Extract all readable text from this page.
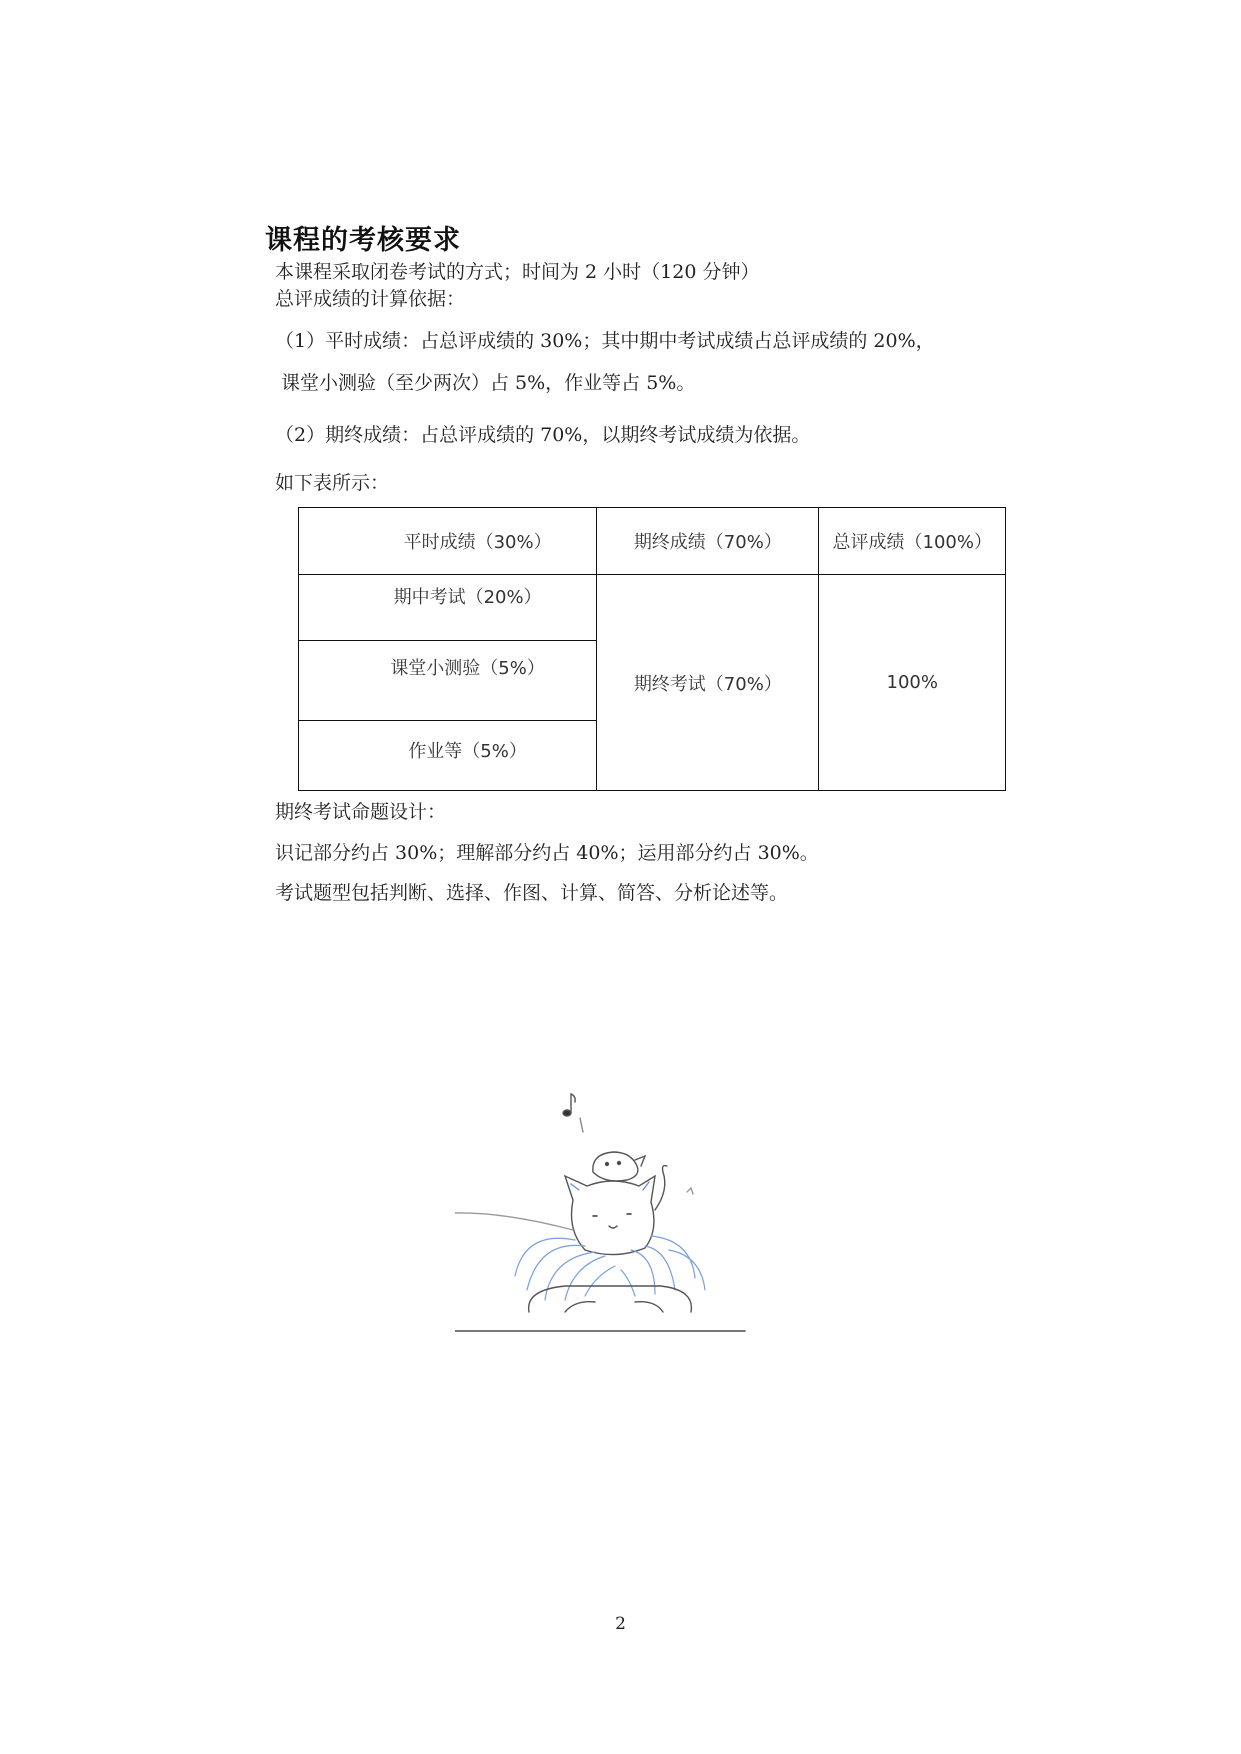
课程的考核要求
本课程采取闭卷考试的方式；时间为 2 小时（120 分钟）
总评成绩的计算依据：
（1）平时成绩：占总评成绩的 30%；其中期中考试成绩占总评成绩的 20%，
课堂小测验（至少两次）占 5%，作业等占 5%。
（2）期终成绩：占总评成绩的 70%，以期终考试成绩为依据。
如下表所示：
平时成绩（30%）	期终成绩（70%）	总评成绩（100%）

期中考试（20%）	期终考试（70%）	100%

课堂小测验（5%）		

作业等（5%）		
期终考试命题设计：
识记部分约占 30%；理解部分约占 40%；运用部分约占 30%。
考试题型包括判断、选择、作图、计算、简答、分析论述等。
2
